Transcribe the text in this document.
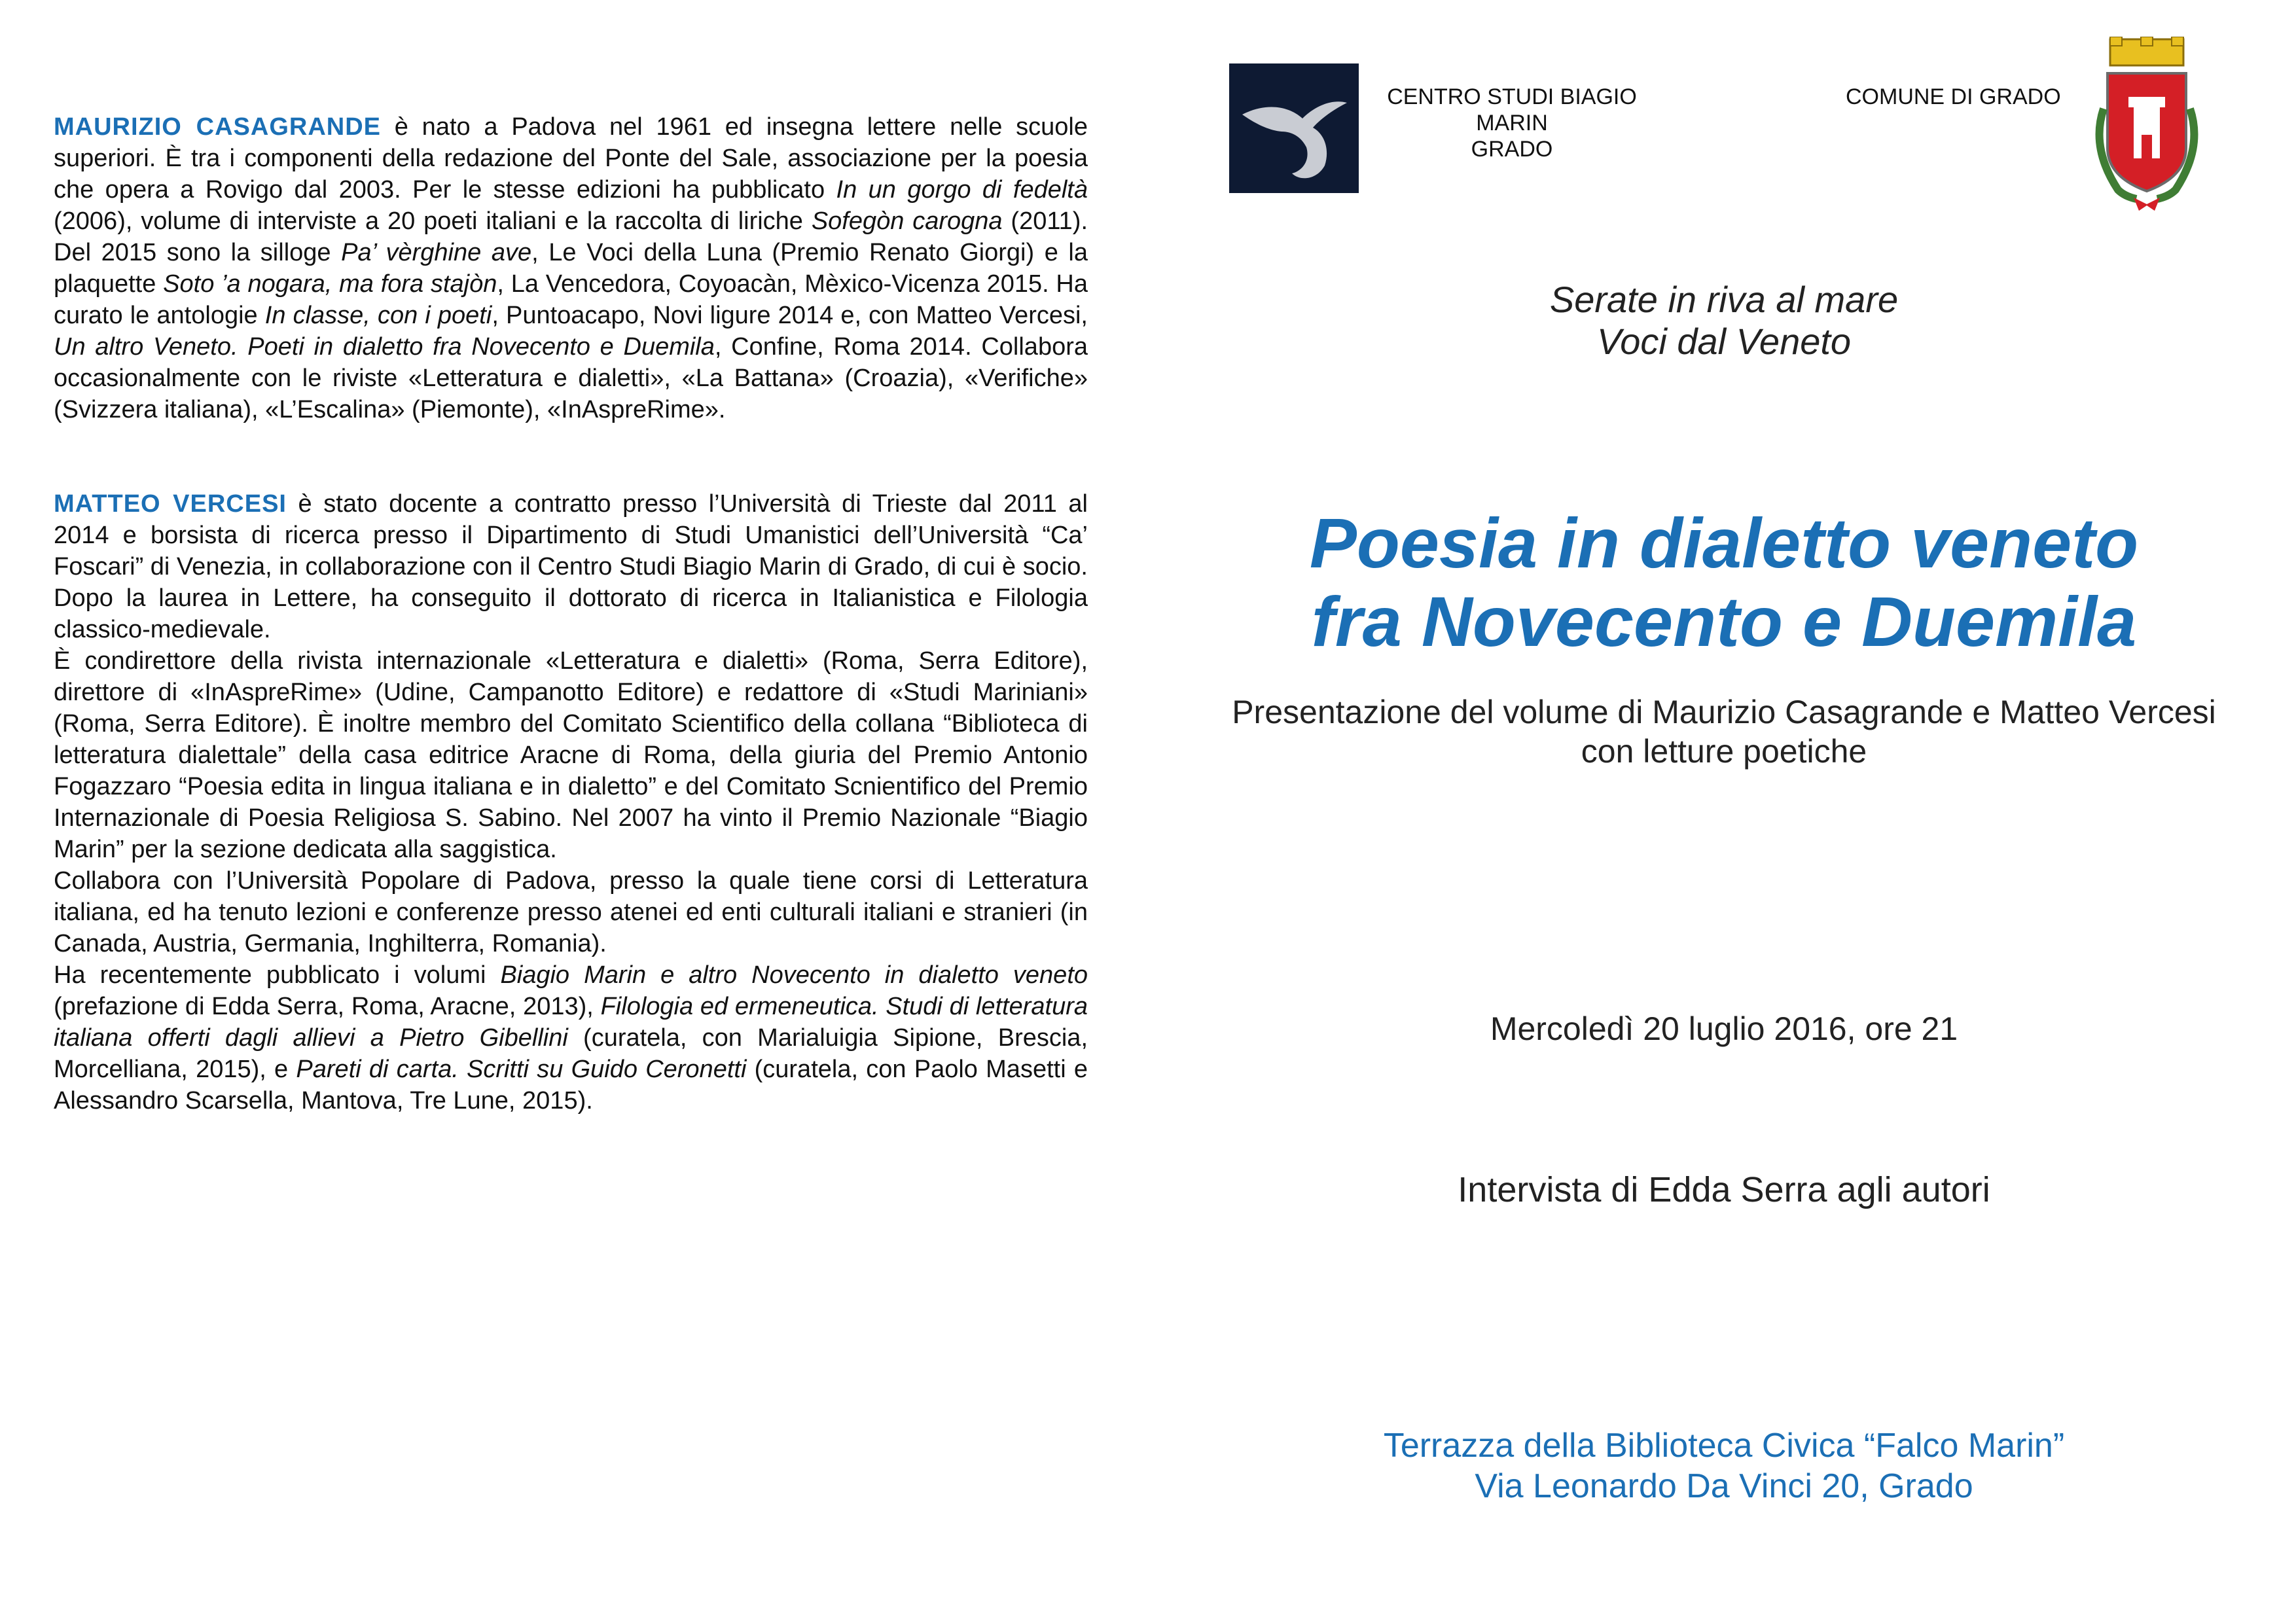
MAURIZIO CASAGRANDE è nato a Padova nel 1961 ed insegna lettere nelle scuole superiori. È tra i componenti della redazione del Ponte del Sale, associazione per la poesia che opera a Rovigo dal 2003. Per le stesse edizioni ha pubblicato In un gorgo di fedeltà (2006), volume di interviste a 20 poeti italiani e la raccolta di liriche Sofegòn carogna (2011). Del 2015 sono la silloge Pa’ vèrghine ave, Le Voci della Luna (Premio Renato Giorgi) e la plaquette Soto ’a nogara, ma fora stajòn, La Vencedora, Coyoacàn, Mèxico-Vicenza 2015. Ha curato le antologie In classe, con i poeti, Puntoacapo, Novi ligure 2014 e, con Matteo Vercesi, Un altro Veneto. Poeti in dialetto fra Novecento e Duemila, Confine, Roma 2014. Collabora occasionalmente con le riviste «Letteratura e dialetti», «La Battana» (Croazia), «Verifiche» (Svizzera italiana), «L’Escalina» (Piemonte), «InAspreRime».

MATTEO VERCESI è stato docente a contratto presso l’Università di Trieste dal 2011 al 2014 e borsista di ricerca presso il Dipartimento di Studi Umanistici dell’Università “Ca’ Foscari” di Venezia, in collaborazione con il Centro Studi Biagio Marin di Grado, di cui è socio. Dopo la laurea in Lettere, ha conseguito il dottorato di ricerca in Italianistica e Filologia classico-medievale.
È condirettore della rivista internazionale «Letteratura e dialetti» (Roma, Serra Editore), direttore di «InAspreRime» (Udine, Campanotto Editore) e redattore di «Studi Mariniani» (Roma, Serra Editore). È inoltre membro del Comitato Scientifico della collana “Biblioteca di letteratura dialettale” della casa editrice Aracne di Roma, della giuria del Premio Antonio Fogazzaro “Poesia edita in lingua italiana e in dialetto” e del Comitato Scnientifico del Premio Internazionale di Poesia Religiosa S. Sabino. Nel 2007 ha vinto il Premio Nazionale “Biagio Marin” per la sezione dedicata alla saggistica.
Collabora con l’Università Popolare di Padova, presso la quale tiene corsi di Letteratura italiana, ed ha tenuto lezioni e conferenze presso atenei ed enti culturali italiani e stranieri (in Canada, Austria, Germania, Inghilterra, Romania).
Ha recentemente pubblicato i volumi Biagio Marin e altro Novecento in dialetto veneto (prefazione di Edda Serra, Roma, Aracne, 2013), Filologia ed ermeneutica. Studi di letteratura italiana offerti dagli allievi a Pietro Gibellini (curatela, con Marialuigia Sipione, Brescia, Morcelliana, 2015), e Pareti di carta. Scritti su Guido Ceronetti (curatela, con Paolo Masetti e Alessandro Scarsella, Mantova, Tre Lune, 2015).
CENTRO STUDI BIAGIO MARIN
GRADO
COMUNE DI GRADO
Serate in riva al mare
Voci dal Veneto
Poesia in dialetto veneto
fra Novecento e Duemila
Presentazione del volume di Maurizio Casagrande e Matteo Vercesi
con letture poetiche
Mercoledì 20 luglio 2016, ore 21
Intervista di Edda Serra agli autori
Terrazza della Biblioteca Civica “Falco Marin”
Via Leonardo Da Vinci 20, Grado
